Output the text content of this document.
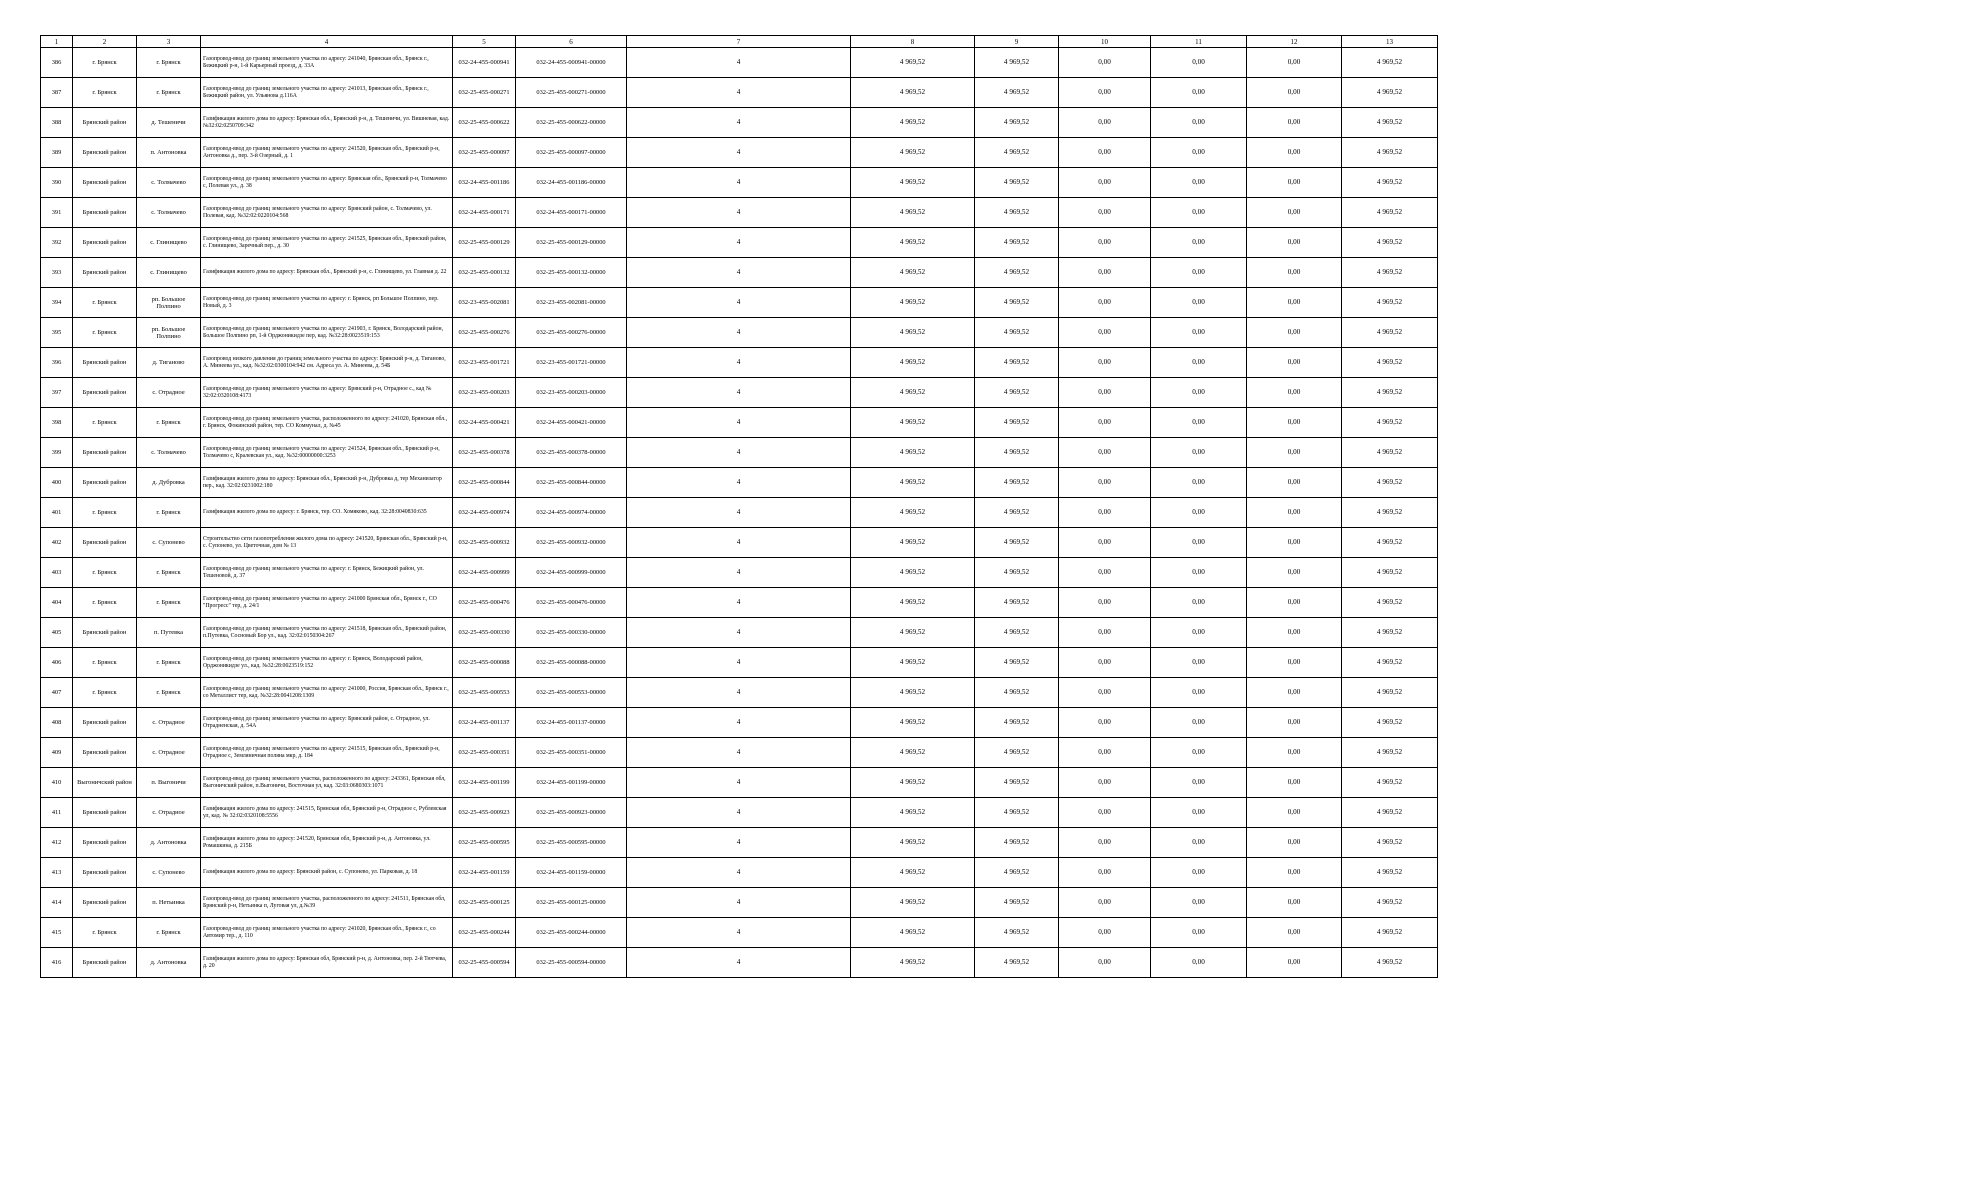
1	2	3	4	5	6	7	8	9	10	11	12	13
386	г. Брянск	г. Брянск	Газопровод-ввод до границ земельного участка по адресу: 241040, Брянская обл., Брянск г., Бежицкий р-н, 1-й Карьерный проезд, д. 33А	032-24-455-000941	032-24-455-000941-00000	4	4 969,52	4 969,52	0,00	0,00	0,00	4 969,52
387	г. Брянск	г. Брянск	Газопровод-ввод до границ земельного участка по адресу: 241013, Брянская обл., Брянск г., Бежицкий район, ул. Ульянова д.116А	032-25-455-000271	032-25-455-000271-00000	4	4 969,52	4 969,52	0,00	0,00	0,00	4 969,52
388	Брянский район	д. Тешеничи	Газификация жилого дома по адресу: Брянская обл., Брянский р-н, д. Тешеничи, ул. Вишневая, кад. №32:02:0250709:342	032-25-455-000622	032-25-455-000622-00000	4	4 969,52	4 969,52	0,00	0,00	0,00	4 969,52
389	Брянский район	п. Антоновка	Газопровод-ввод до границ земельного участка по адресу: 241520, Брянская обл., Брянский р-н, Антоновка д., пер. 3-й Озерный, д. 1	032-25-455-000097	032-25-455-000097-00000	4	4 969,52	4 969,52	0,00	0,00	0,00	4 969,52
390	Брянский район	с. Толмачево	Газопровод-ввод до границ земельного участка по адресу: Брянская обл., Брянский р-н, Толмачево с, Полевая ул., д. 38	032-24-455-001186	032-24-455-001186-00000	4	4 969,52	4 969,52	0,00	0,00	0,00	4 969,52
391	Брянский район	с. Толмачево	Газопровод-ввод до границ земельного участка по адресу: Брянский район, с. Толмачево, ул. Полевая, кад. №32:02:0220104:568	032-24-455-000171	032-24-455-000171-00000	4	4 969,52	4 969,52	0,00	0,00	0,00	4 969,52
392	Брянский район	с. Глинищево	Газопровод-ввод до границ земельного участка по адресу: 241525, Брянская обл., Брянский район, с. Глинищево, Заречный пер., д. 30	032-25-455-000129	032-25-455-000129-00000	4	4 969,52	4 969,52	0,00	0,00	0,00	4 969,52
393	Брянский район	с. Глинищево	Газификация жилого дома по адресу: Брянская обл., Брянский р-н, с. Глинищево, ул. Главная д. 22	032-25-455-000132	032-25-455-000132-00000	4	4 969,52	4 969,52	0,00	0,00	0,00	4 969,52
394	г. Брянск	рп. Большое Полпино	Газопровод-ввод до границ земельного участка по адресу: г. Брянск, рп Большое Полпино, пер. Новый, д. 3	032-23-455-002081	032-23-455-002081-00000	4	4 969,52	4 969,52	0,00	0,00	0,00	4 969,52
395	г. Брянск	рп. Большое Полпино	Газопровод-ввод до границ земельного участка по адресу: 241903, г. Брянск, Володарский район, Большое Полпино рп, 1-й Орджоникидзе пер, кад. №32:28:0023519:153	032-25-455-000276	032-25-455-000276-00000	4	4 969,52	4 969,52	0,00	0,00	0,00	4 969,52
396	Брянский район	д. Тиганово	Газопровод низкого давления до границ земельного участка по адресу: Брянский р-н, д. Тиганово, А. Минеева ул., кад. №32:02:0300104:942 см. Адреса ул. А. Минеева, д. 54Б	032-23-455-001721	032-23-455-001721-00000	4	4 969,52	4 969,52	0,00	0,00	0,00	4 969,52
397	Брянский район	с. Отрадное	Газопровод-ввод до границ земельного участка по адресу: Брянский р-н, Отрадное с., кад № 32:02:0320108:4173	032-23-455-000203	032-23-455-000203-00000	4	4 969,52	4 969,52	0,00	0,00	0,00	4 969,52
398	г. Брянск	г. Брянск	Газопровод-ввод до границ земельного участка, расположенного по адресу: 241020, Брянская обл., г. Брянск, Фокинский район, тер. СО Коммунал, д. №45	032-24-455-000421	032-24-455-000421-00000	4	4 969,52	4 969,52	0,00	0,00	0,00	4 969,52
399	Брянский район	с. Толмачево	Газопровод-ввод до границ земельного участка по адресу: 241524, Брянская обл., Брянский р-н, Толмачево с, Кралевская ул., кад. №32:00000000:3253	032-25-455-000378	032-25-455-000378-00000	4	4 969,52	4 969,52	0,00	0,00	0,00	4 969,52
400	Брянский район	д. Дубровка	Газификация жилого дома по адресу: Брянская обл., Брянский р-н, Дубровка д, тер Механизатор пер., кад. 32:02:0231002:180	032-25-455-000844	032-25-455-000844-00000	4	4 969,52	4 969,52	0,00	0,00	0,00	4 969,52
401	г. Брянск	г. Брянск	Газификация жилого дома по адресу: г. Брянск, тер. СО. Хомяково, кад. 32:28:0040830:635	032-24-455-000974	032-24-455-000974-00000	4	4 969,52	4 969,52	0,00	0,00	0,00	4 969,52
402	Брянский район	с. Супонево	Строительство сети газопотребления жилого дома по адресу: 241520, Брянская обл., Брянский р-н, с. Супонево, ул. Цветочная, дом № 13	032-25-455-000932	032-25-455-000932-00000	4	4 969,52	4 969,52	0,00	0,00	0,00	4 969,52
403	г. Брянск	г. Брянск	Газопровод-ввод до границ земельного участка по адресу: г. Брянск, Бежицкий район, ул. Тешеновой, д. 37	032-24-455-000999	032-24-455-000999-00000	4	4 969,52	4 969,52	0,00	0,00	0,00	4 969,52
404	г. Брянск	г. Брянск	Газопровод-ввод до границ земельного участка по адресу: 241000 Брянская обл., Брянск г., СО "Прогресс" тер, д. 24/1	032-25-455-000476	032-25-455-000476-00000	4	4 969,52	4 969,52	0,00	0,00	0,00	4 969,52
405	Брянский район	п. Путевка	Газопровод-ввод до границ земельного участка по адресу: 241518, Брянская обл., Брянский район, п.Путевка, Сосновый Бор ул., кад. 32:02:0150304:267	032-25-455-000330	032-25-455-000330-00000	4	4 969,52	4 969,52	0,00	0,00	0,00	4 969,52
406	г. Брянск	г. Брянск	Газопровод-ввод до границ земельного участка по адресу: г. Брянск, Володарский район, Орджоникидзе ул., кад. №32:28:0023519:152	032-25-455-000088	032-25-455-000088-00000	4	4 969,52	4 969,52	0,00	0,00	0,00	4 969,52
407	г. Брянск	г. Брянск	Газопровод-ввод до границ земельного участка по адресу: 241000, Россия, Брянская обл., Брянск г., со Металлист тер, кад. №32:28:0041208:1309	032-25-455-000553	032-25-455-000553-00000	4	4 969,52	4 969,52	0,00	0,00	0,00	4 969,52
408	Брянский район	с. Отрадное	Газопровод-ввод до границ земельного участка по адресу: Брянский район, с. Отрадное, ул. Отрадненская, д. 54А	032-24-455-001137	032-24-455-001137-00000	4	4 969,52	4 969,52	0,00	0,00	0,00	4 969,52
409	Брянский район	с. Отрадное	Газопровод-ввод до границ земельного участка по адресу: 241515, Брянская обл., Брянский р-н, Отрадное с, Земляничная поляна мкр, д. 184	032-25-455-000351	032-25-455-000351-00000	4	4 969,52	4 969,52	0,00	0,00	0,00	4 969,52
410	Выгоничский район	п. Выгоничи	Газопровод-ввод до границ земельного участка, расположенного по адресу: 243361, Брянская обл, Выгоничский район, п.Выгоничи, Восточная ул, кад. 32:03:0680303:1071	032-24-455-001199	032-24-455-001199-00000	4	4 969,52	4 969,52	0,00	0,00	0,00	4 969,52
411	Брянский район	с. Отрадное	Газификация жилого дома по адресу: 241515, Брянская обл, Брянский р-н, Отрадное с, Рублевская ул, кад. № 32:02:0320108:5556	032-25-455-000923	032-25-455-000923-00000	4	4 969,52	4 969,52	0,00	0,00	0,00	4 969,52
412	Брянский район	д. Антоновка	Газификация жилого дома по адресу: 241520, Брянская обл, Брянский р-н, д. Антоновка, ул. Ромашкина, д. 215Б	032-25-455-000595	032-25-455-000595-00000	4	4 969,52	4 969,52	0,00	0,00	0,00	4 969,52
413	Брянский район	с. Супонево	Газификация жилого дома по адресу: Брянский район, с. Супонево, ул. Парковая, д. 18	032-24-455-001159	032-24-455-001159-00000	4	4 969,52	4 969,52	0,00	0,00	0,00	4 969,52
414	Брянский район	п. Нетьинка	Газопровод-ввод до границ земельного участка, расположенного по адресу: 241511, Брянская обл, Брянский р-н, Нетьинка п, Луговая ул, д.№39	032-25-455-000125	032-25-455-000125-00000	4	4 969,52	4 969,52	0,00	0,00	0,00	4 969,52
415	г. Брянск	г. Брянск	Газопровод-ввод до границ земельного участка по адресу: 241020, Брянская обл., Брянск г., со Автомир тер., д. 110	032-25-455-000244	032-25-455-000244-00000	4	4 969,52	4 969,52	0,00	0,00	0,00	4 969,52
416	Брянский район	д. Антоновка	Газификация жилого дома по адресу: Брянская обл, Брянский р-н, д. Антоновка, пер. 2-й Тютчева, д. 20	032-25-455-000594	032-25-455-000594-00000	4	4 969,52	4 969,52	0,00	0,00	0,00	4 969,52
